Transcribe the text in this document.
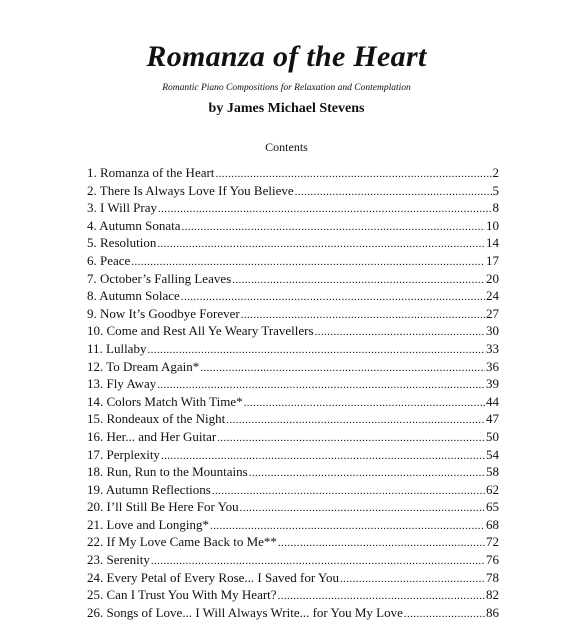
Romanza of the Heart
Romantic Piano Compositions for Relaxation and Contemplation
by James Michael Stevens
Contents
1. Romanza of the Heart .....	2
2. There Is Always Love If You Believe .....	5
3. I Will Pray .....	8
4. Autumn Sonata .....	10
5. Resolution .....	14
6. Peace .....	17
7. October’s Falling Leaves .....	20
8. Autumn Solace .....	24
9. Now It’s Goodbye Forever .....	27
10. Come and Rest All Ye Weary Travellers .....	30
11. Lullaby .....	33
12. To Dream Again* .....	36
13. Fly Away .....	39
14. Colors Match With Time* .....	44
15. Rondeaux of the Night .....	47
16. Her... and Her Guitar .....	50
17. Perplexity .....	54
18. Run, Run to the Mountains .....	58
19. Autumn Reflections .....	62
20. I’ll Still Be Here For You .....	65
21. Love and Longing* .....	68
22. If My Love Came Back to Me** .....	72
23. Serenity .....	76
24. Every Petal of Every Rose... I Saved for You .....	78
25. Can I Trust You With My Heart? .....	82
26. Songs of Love... I Will Always Write... for You My Love .....	86
